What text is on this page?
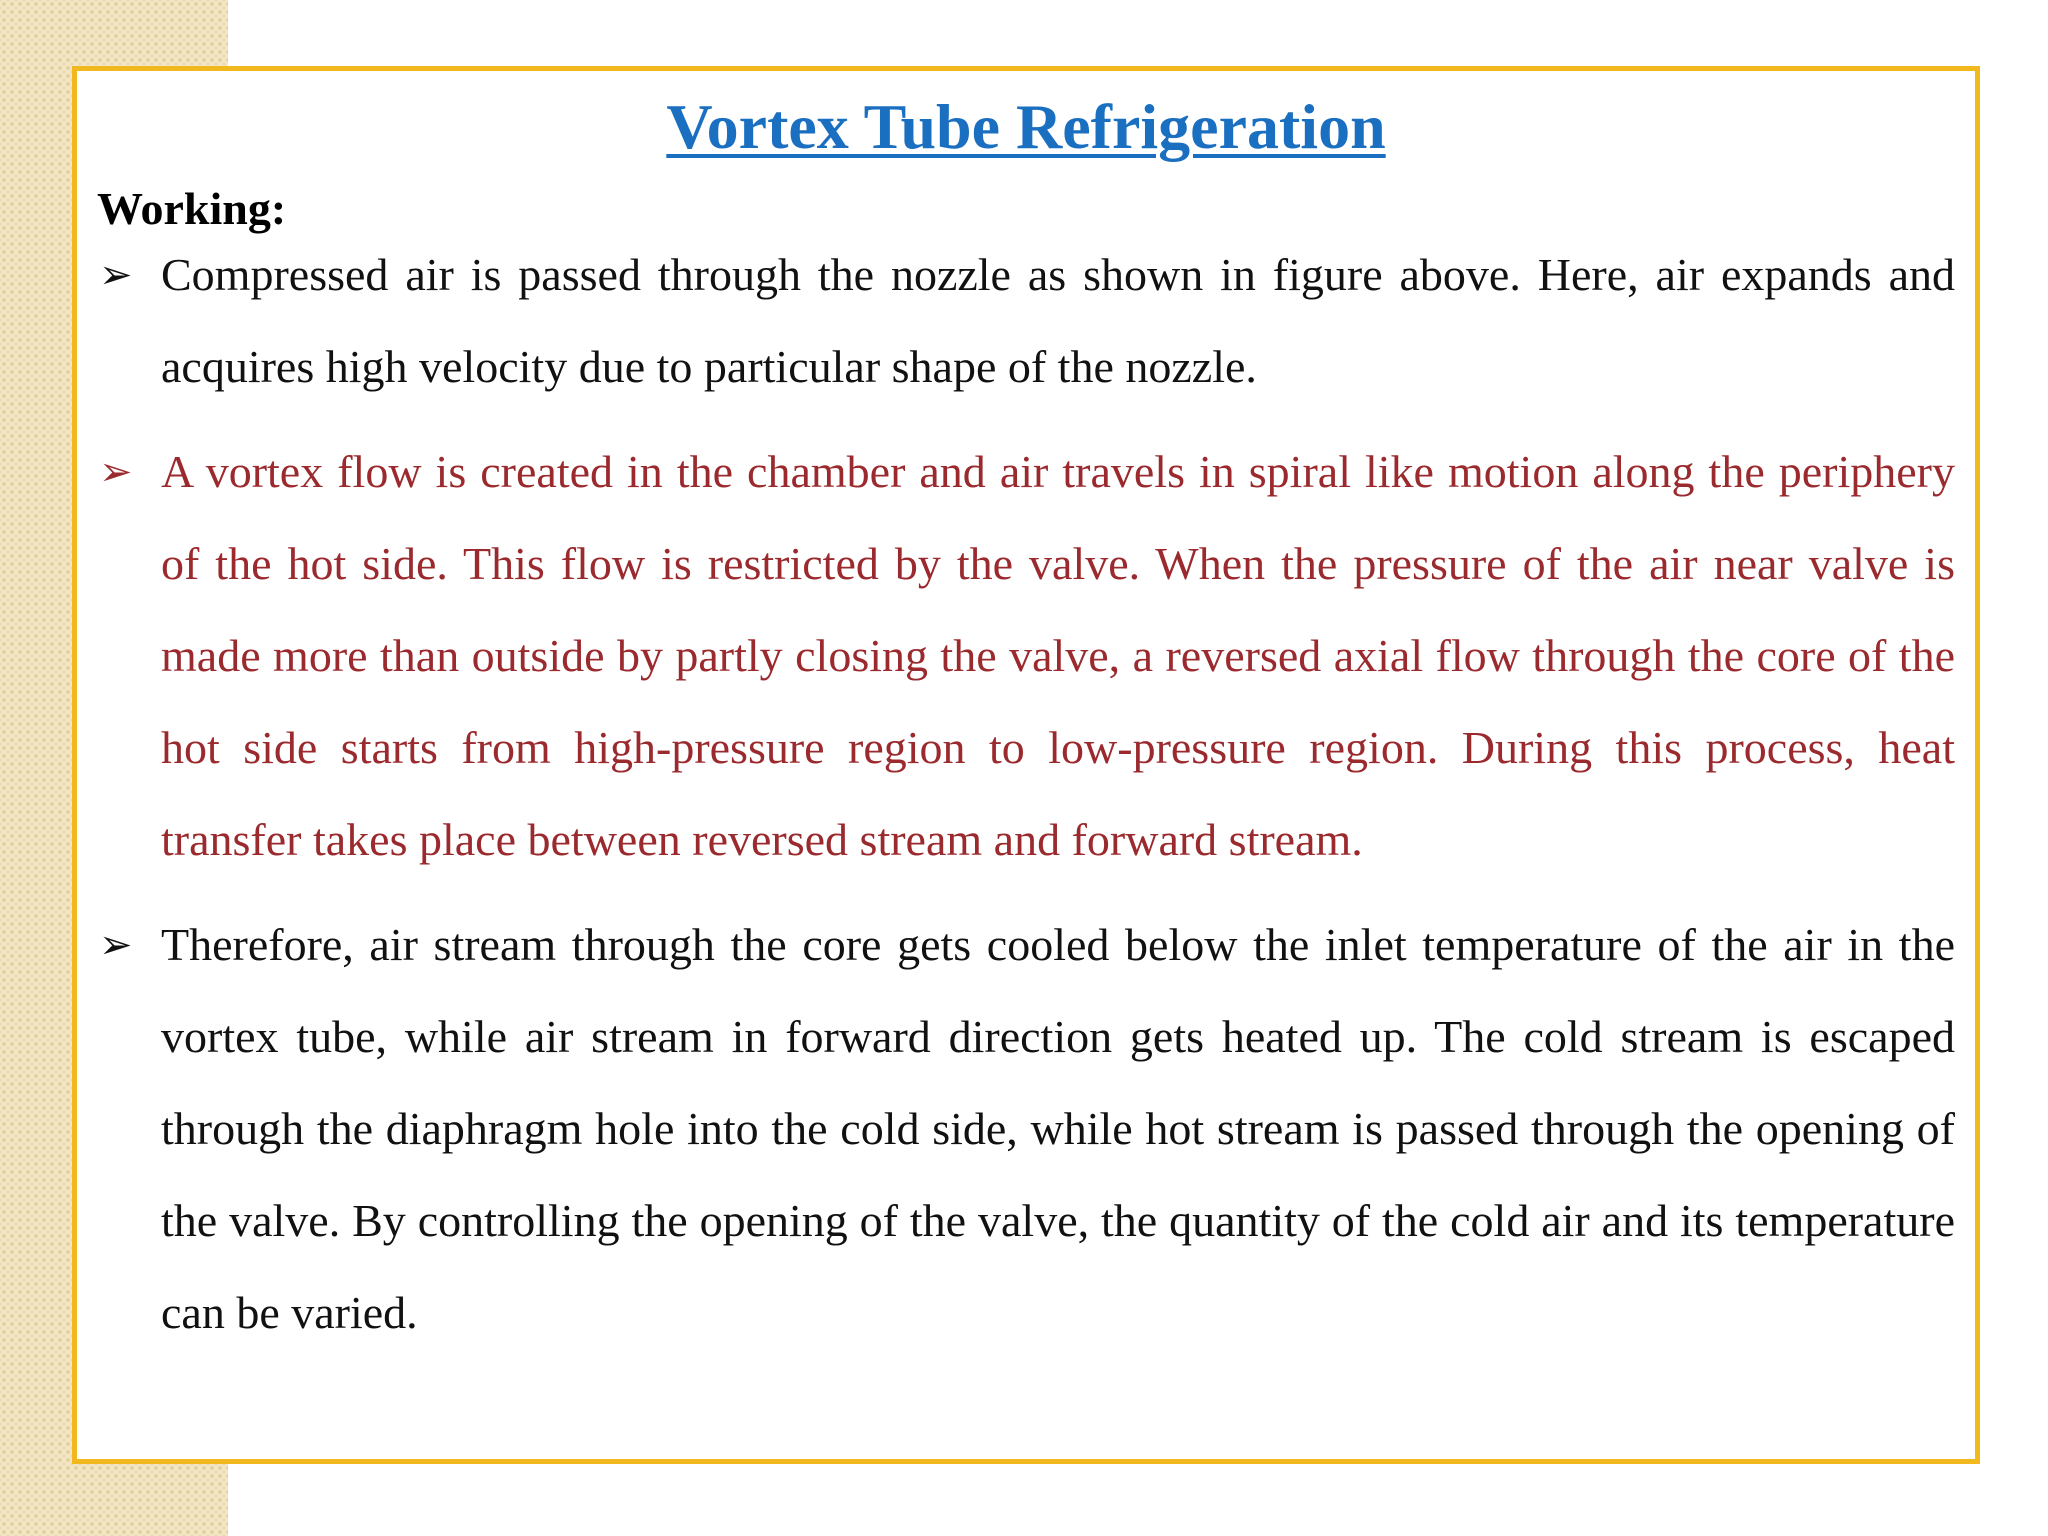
Vortex Tube Refrigeration
Working:
➢ Compressed air is passed through the nozzle as shown in figure above. Here, air expands and acquires high velocity due to particular shape of the nozzle.
➢ A vortex flow is created in the chamber and air travels in spiral like motion along the periphery of the hot side. This flow is restricted by the valve. When the pressure of the air near valve is made more than outside by partly closing the valve, a reversed axial flow through the core of the hot side starts from high-pressure region to low-pressure region. During this process, heat transfer takes place between reversed stream and forward stream.
➢ Therefore, air stream through the core gets cooled below the inlet temperature of the air in the vortex tube, while air stream in forward direction gets heated up. The cold stream is escaped through the diaphragm hole into the cold side, while hot stream is passed through the opening of the valve. By controlling the opening of the valve, the quantity of the cold air and its temperature can be varied.
